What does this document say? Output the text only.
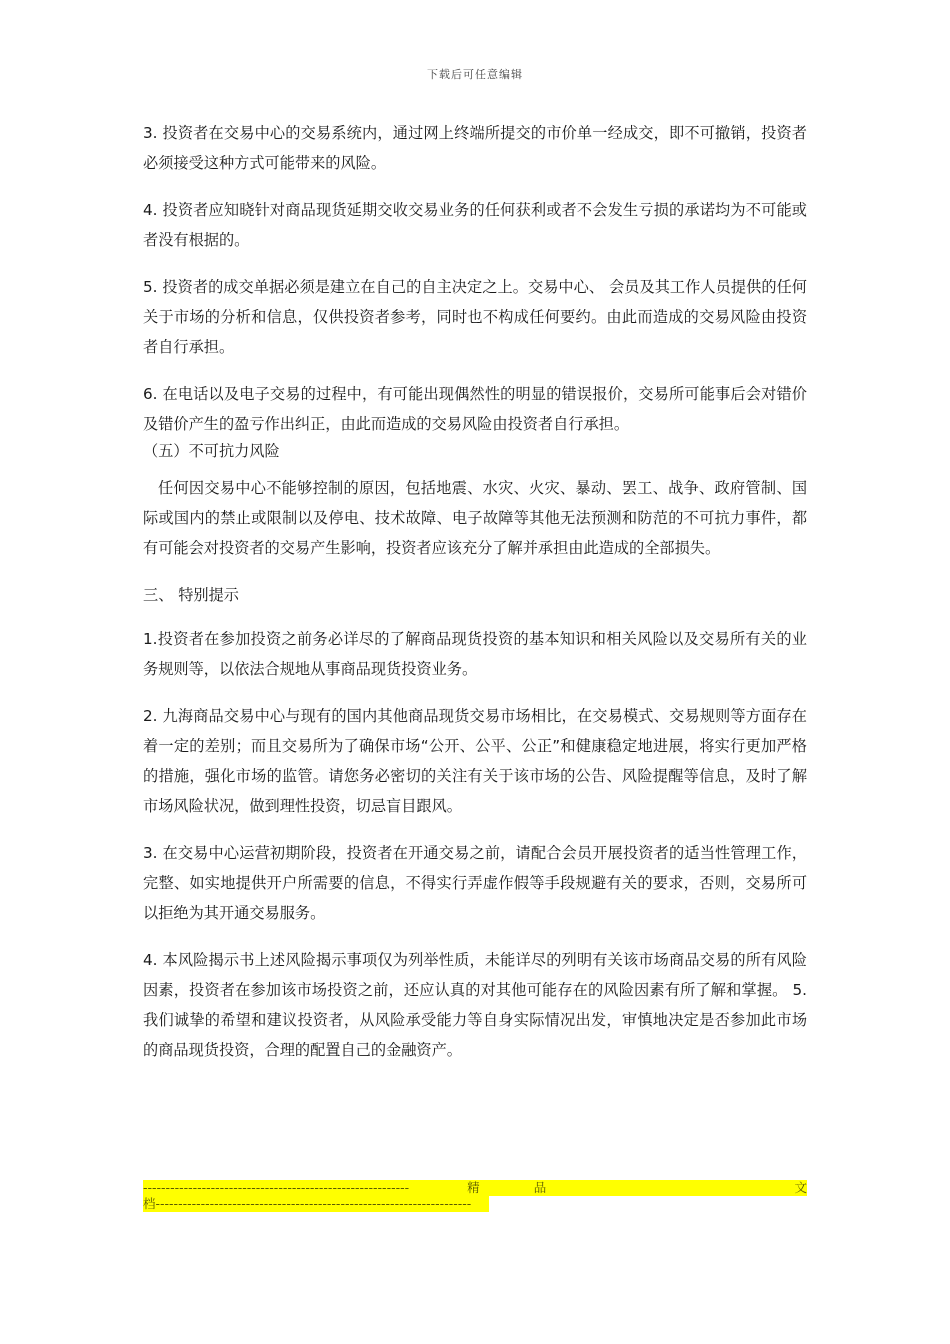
下载后可任意编辑

3. 投资者在交易中心的交易系统内，通过网上终端所提交的市价单一经成交，即不可撤销，投资者必须接受这种方式可能带来的风险。

4. 投资者应知晓针对商品现货延期交收交易业务的任何获利或者不会发生亏损的承诺均为不可能或者没有根据的。

5. 投资者的成交单据必须是建立在自己的自主决定之上。交易中心、 会员及其工作人员提供的任何关于市场的分析和信息，仅供投资者参考，同时也不构成任何要约。由此而造成的交易风险由投资者自行承担。

6. 在电话以及电子交易的过程中，有可能出现偶然性的明显的错误报价，交易所可能事后会对错价及错价产生的盈亏作出纠正，由此而造成的交易风险由投资者自行承担。

（五）不可抗力风险

任何因交易中心不能够控制的原因，包括地震、水灾、火灾、暴动、罢工、战争、政府管制、国际或国内的禁止或限制以及停电、技术故障、电子故障等其他无法预测和防范的不可抗力事件，都有可能会对投资者的交易产生影响，投资者应该充分了解并承担由此造成的全部损失。

三、 特别提示

1.投资者在参加投资之前务必详尽的了解商品现货投资的基本知识和相关风险以及交易所有关的业务规则等，以依法合规地从事商品现货投资业务。

2. 九海商品交易中心与现有的国内其他商品现货交易市场相比，在交易模式、交易规则等方面存在着一定的差别；而且交易所为了确保市场“公开、公平、公正”和健康稳定地进展，将实行更加严格的措施，强化市场的监管。请您务必密切的关注有关于该市场的公告、风险提醒等信息，及时了解市场风险状况，做到理性投资，切忌盲目跟风。

3. 在交易中心运营初期阶段，投资者在开通交易之前，请配合会员开展投资者的适当性管理工作，完整、如实地提供开户所需要的信息，不得实行弄虚作假等手段规避有关的要求，否则，交易所可以拒绝为其开通交易服务。

4. 本风险揭示书上述风险揭示事项仅为列举性质，未能详尽的列明有关该市场商品交易的所有风险因素，投资者在参加该市场投资之前，还应认真的对其他可能存在的风险因素有所了解和掌握。 5. 我们诚挚的希望和建议投资者，从风险承受能力等自身实际情况出发，审慎地决定是否参加此市场的商品现货投资，合理的配置自己的金融资产。

-----------------------------------------------------------	精	品	文
档----------------------------------------------------------------------
